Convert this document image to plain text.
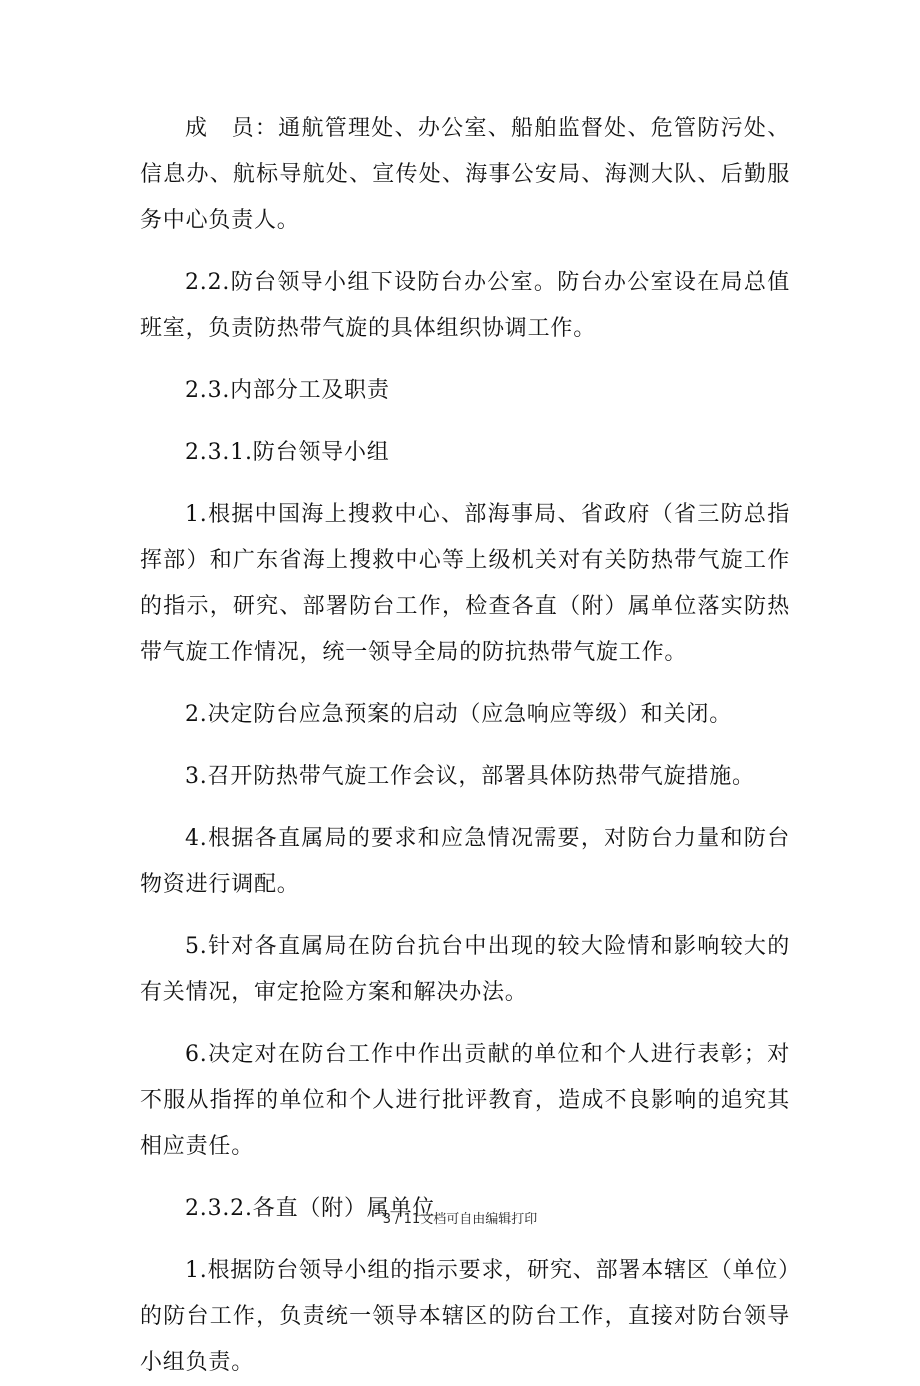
成　员：通航管理处、办公室、船舶监督处、危管防污处、信息办、航标导航处、宣传处、海事公安局、海测大队、后勤服务中心负责人。

2.2.防台领导小组下设防台办公室。防台办公室设在局总值班室，负责防热带气旋的具体组织协调工作。

2.3.内部分工及职责

2.3.1.防台领导小组

1.根据中国海上搜救中心、部海事局、省政府（省三防总指挥部）和广东省海上搜救中心等上级机关对有关防热带气旋工作的指示，研究、部署防台工作，检查各直（附）属单位落实防热带气旋工作情况，统一领导全局的防抗热带气旋工作。

2.决定防台应急预案的启动（应急响应等级）和关闭。

3.召开防热带气旋工作会议，部署具体防热带气旋措施。

4.根据各直属局的要求和应急情况需要，对防台力量和防台物资进行调配。

5.针对各直属局在防台抗台中出现的较大险情和影响较大的有关情况，审定抢险方案和解决办法。

6.决定对在防台工作中作出贡献的单位和个人进行表彰；对不服从指挥的单位和个人进行批评教育，造成不良影响的追究其相应责任。

2.3.2.各直（附）属单位

1.根据防台领导小组的指示要求，研究、部署本辖区（单位）的防台工作，负责统一领导本辖区的防台工作，直接对防台领导小组负责。

3 / 11文档可自由编辑打印
